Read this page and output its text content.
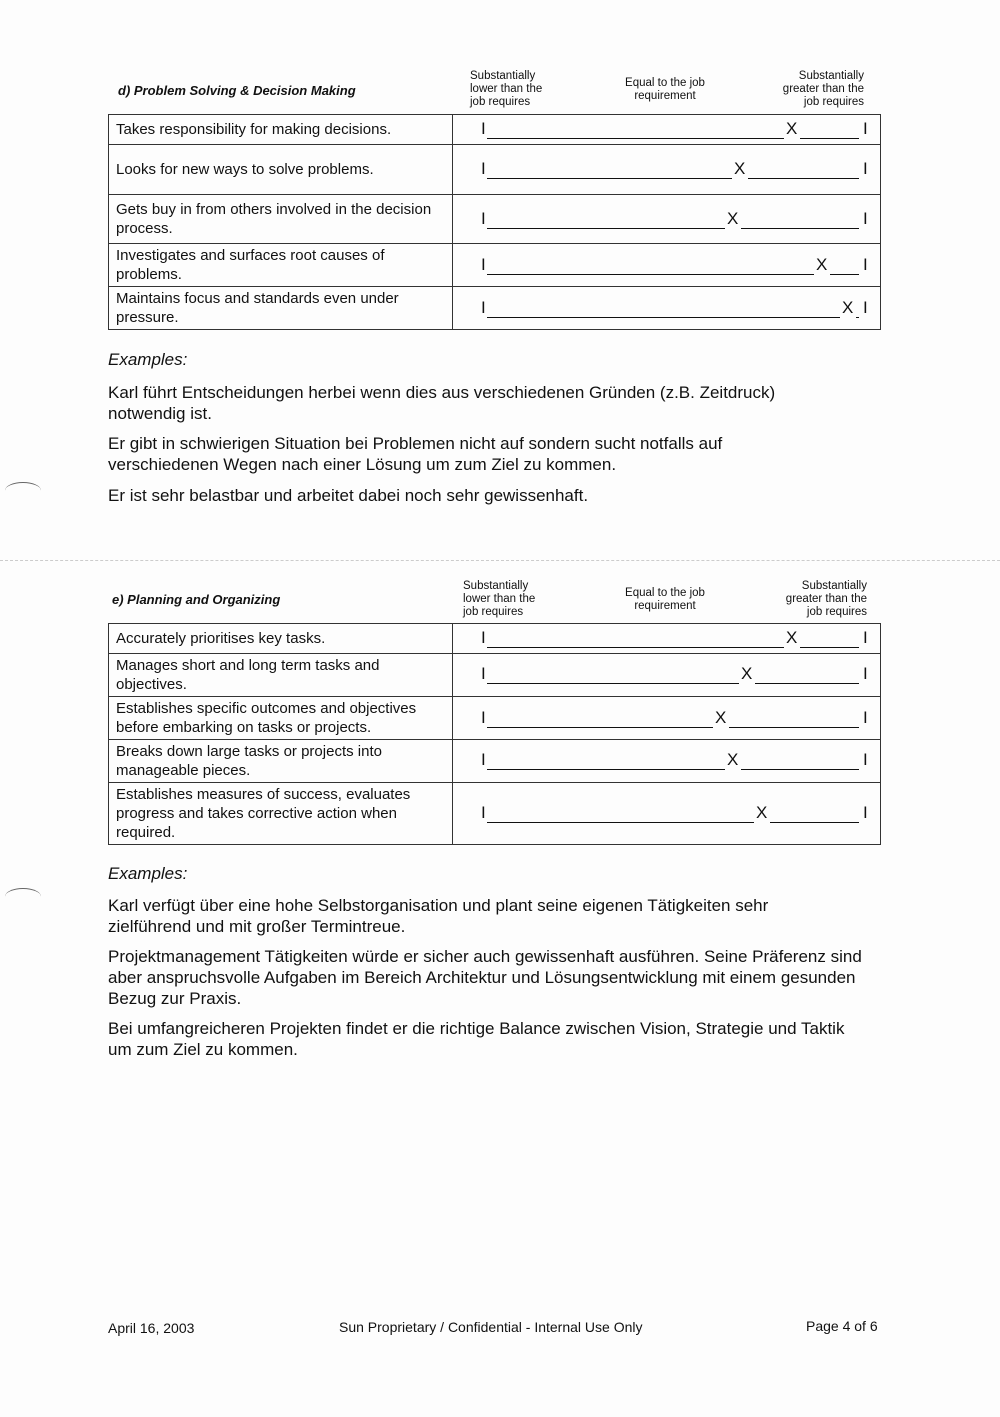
d) Problem Solving & Decision Making
Substantially
lower than the
job requires
Equal to the job
requirement
Substantially
greater than the
job requires
Takes responsibility for making decisions.	I X I

Looks for new ways to solve problems.	I X I

Gets buy in from others involved in the decision process.	I X I

Investigates and surfaces root causes of problems.	I X I

Maintains focus and standards even under pressure.	I X I
Examples:
Karl führt Entscheidungen herbei wenn dies aus verschiedenen Gründen (z.B. Zeitdruck) notwendig ist.
Er gibt in schwierigen Situation bei Problemen nicht auf sondern sucht notfalls auf verschiedenen Wegen nach einer Lösung um zum Ziel zu kommen.
Er ist sehr belastbar und arbeitet dabei noch sehr gewissenhaft.
e) Planning and Organizing
Substantially
lower than the
job requires
Equal to the job
requirement
Substantially
greater than the
job requires
Accurately prioritises key tasks.	I X I

Manages short and long term tasks and objectives.	I X I

Establishes specific outcomes and objectives before embarking on tasks or projects.	I X I

Breaks down large tasks or projects into manageable pieces.	I X I

Establishes measures of success, evaluates progress and takes corrective action when required.	I X I
Examples:
Karl verfügt über eine hohe Selbstorganisation und plant seine eigenen Tätigkeiten sehr zielführend und mit großer Termintreue.
Projektmanagement Tätigkeiten würde er sicher auch gewissenhaft ausführen. Seine Präferenz sind aber anspruchsvolle Aufgaben im Bereich Architektur und Lösungsentwicklung mit einem gesunden Bezug zur Praxis.
Bei umfangreicheren Projekten findet er die richtige Balance zwischen Vision, Strategie und Taktik um zum Ziel zu kommen.
April 16, 2003	Sun Proprietary / Confidential - Internal Use Only	Page 4 of 6
